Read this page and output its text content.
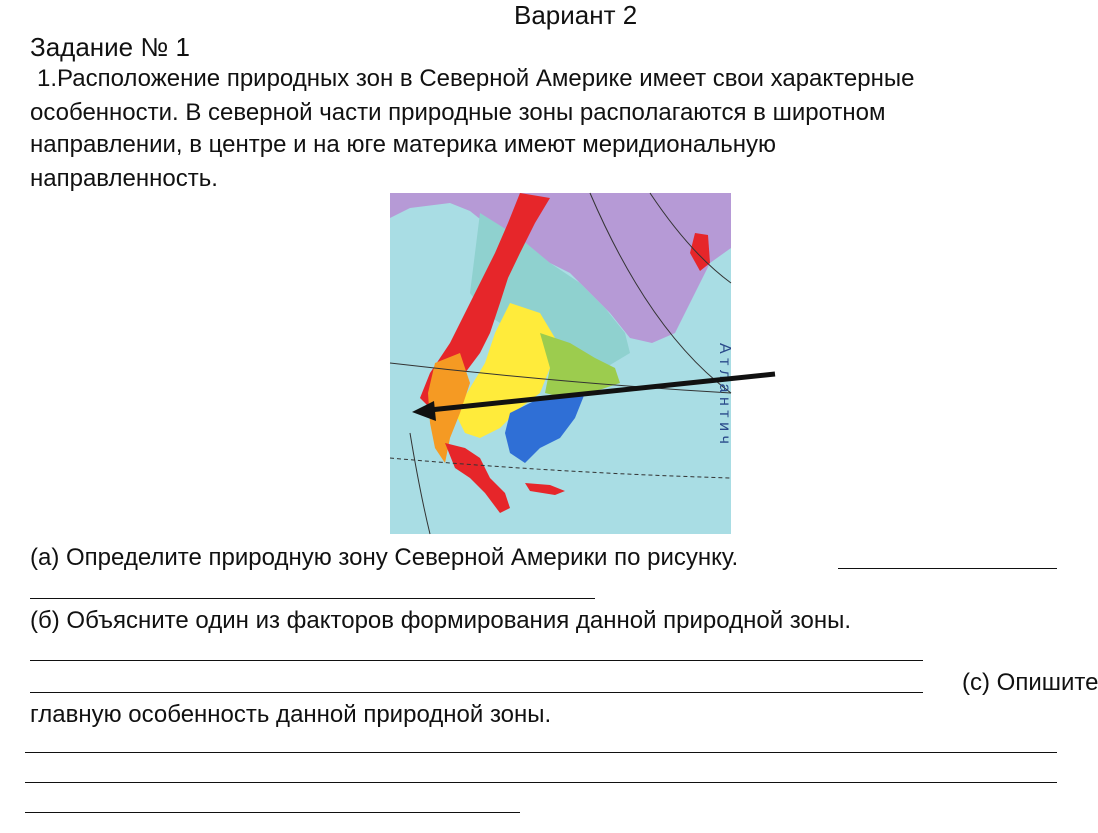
Вариант 2
Задание № 1
1.Расположение природных зон в Северной Америке имеет свои характерные
особенности. В северной части природные зоны располагаются в широтном
направлении, в центре и на юге материка имеют меридиональную
направленность.
А т л а н т и ч
(а) Определите природную зону Северной Америки по рисунку.
(б) Объясните один из факторов формирования данной природной зоны.
(с) Опишите
главную особенность данной природной зоны.
